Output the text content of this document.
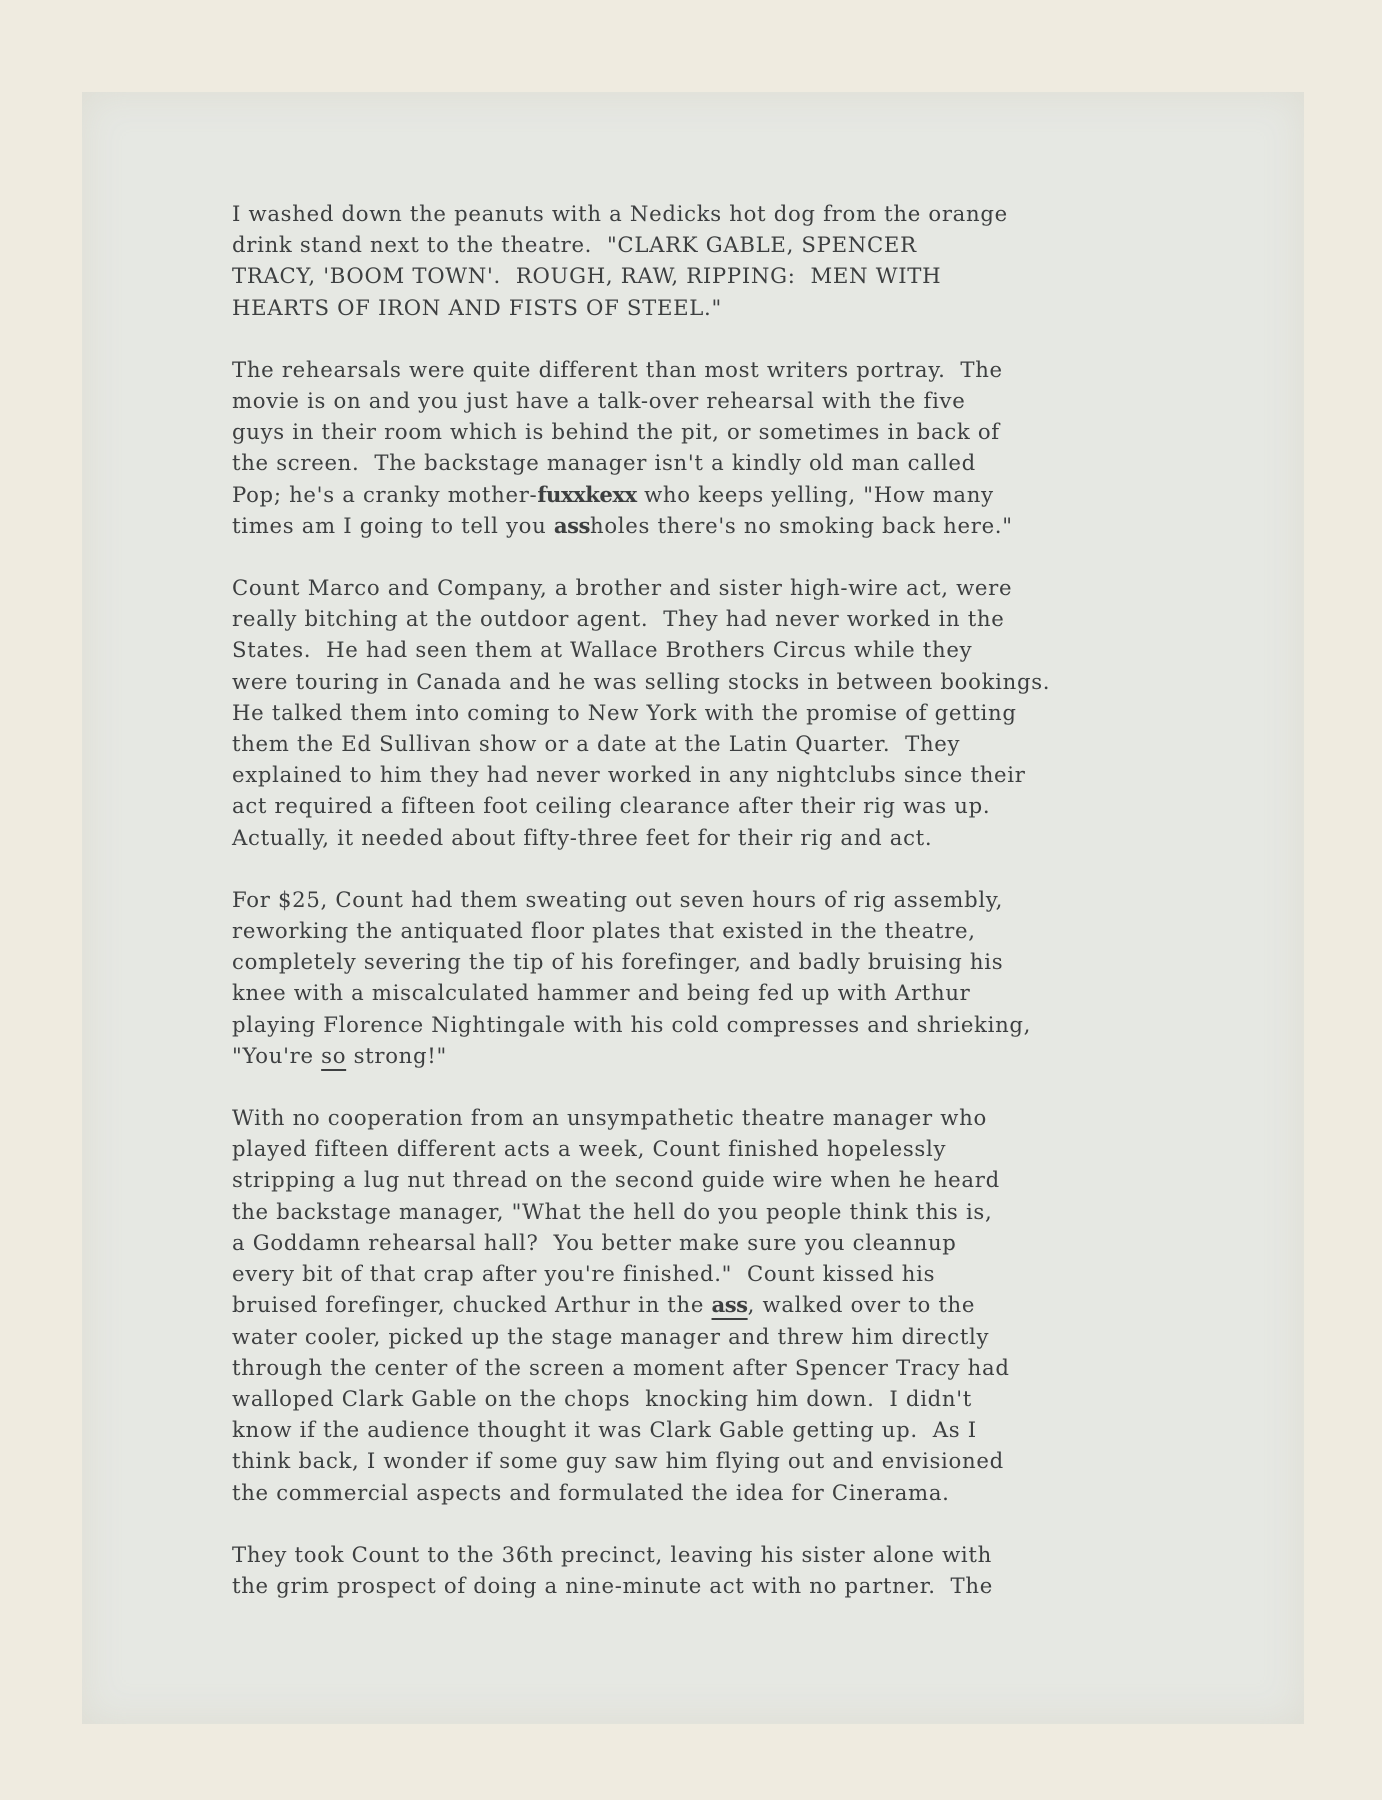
I washed down the peanuts with a Nedicks hot dog from the orange
drink stand next to the theatre.  "CLARK GABLE, SPENCER
TRACY, 'BOOM TOWN'.  ROUGH, RAW, RIPPING:  MEN WITH
HEARTS OF IRON AND FISTS OF STEEL."
The rehearsals were quite different than most writers portray.  The
movie is on and you just have a talk-over rehearsal with the five
guys in their room which is behind the pit, or sometimes in back of
the screen.  The backstage manager isn't a kindly old man called
Pop; he's a cranky mother-fuxxkexx who keeps yelling, "How many
times am I going to tell you assholes there's no smoking back here."
Count Marco and Company, a brother and sister high-wire act, were
really bitching at the outdoor agent.  They had never worked in the
States.  He had seen them at Wallace Brothers Circus while they
were touring in Canada and he was selling stocks in between bookings.
He talked them into coming to New York with the promise of getting
them the Ed Sullivan show or a date at the Latin Quarter.  They
explained to him they had never worked in any nightclubs since their
act required a fifteen foot ceiling clearance after their rig was up.
Actually, it needed about fifty-three feet for their rig and act.
For $25, Count had them sweating out seven hours of rig assembly,
reworking the antiquated floor plates that existed in the theatre,
completely severing the tip of his forefinger, and badly bruising his
knee with a miscalculated hammer and being fed up with Arthur
playing Florence Nightingale with his cold compresses and shrieking,
"You're so strong!"
With no cooperation from an unsympathetic theatre manager who
played fifteen different acts a week, Count finished hopelessly
stripping a lug nut thread on the second guide wire when he heard
the backstage manager, "What the hell do you people think this is,
a Goddamn rehearsal hall?  You better make sure you cleannup
every bit of that crap after you're finished."  Count kissed his
bruised forefinger, chucked Arthur in the ass, walked over to the
water cooler, picked up the stage manager and threw him directly
through the center of the screen a moment after Spencer Tracy had
walloped Clark Gable on the chops  knocking him down.  I didn't
know if the audience thought it was Clark Gable getting up.  As I
think back, I wonder if some guy saw him flying out and envisioned
the commercial aspects and formulated the idea for Cinerama.
They took Count to the 36th precinct, leaving his sister alone with
the grim prospect of doing a nine-minute act with no partner.  The
